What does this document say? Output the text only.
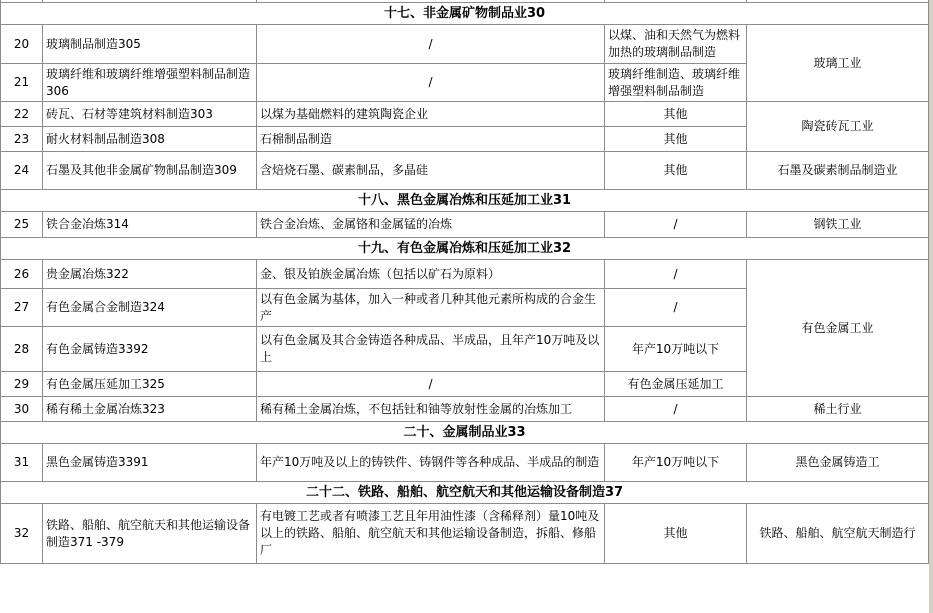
十七、非金属矿物制品业30				
20	玻璃制品制造305	/	以煤、油和天然气为燃料加热的玻璃制品制造	玻璃工业
21	玻璃纤维和玻璃纤维增强塑料制品制造306	/	玻璃纤维制造、玻璃纤维增强塑料制品制造	
22	砖瓦、石材等建筑材料制造303	以煤为基础燃料的建筑陶瓷企业	其他	陶瓷砖瓦工业
23	耐火材料制品制造308	石棉制品制造	其他	
24	石墨及其他非金属矿物制品制造309	含焙烧石墨、碳素制品，多晶硅	其他	石墨及碳素制品制造业
十八、黑色金属冶炼和压延加工业31				
25	铁合金冶炼314	铁合金冶炼、金属铬和金属锰的冶炼	/	钢铁工业
十九、有色金属冶炼和压延加工业32				
26	贵金属冶炼322	金、银及铂族金属冶炼（包括以矿石为原料）	/	有色金属工业
27	有色金属合金制造324	以有色金属为基体，加入一种或者几种其他元素所构成的合金生产	/	
28	有色金属铸造3392	以有色金属及其合金铸造各种成品、半成品，且年产10万吨及以上	年产10万吨以下	
29	有色金属压延加工325	/	有色金属压延加工	
30	稀有稀土金属冶炼323	稀有稀土金属冶炼，不包括钍和铀等放射性金属的冶炼加工	/	稀土行业
二十、金属制品业33				
31	黑色金属铸造3391	年产10万吨及以上的铸铁件、铸钢件等各种成品、半成品的制造	年产10万吨以下	黑色金属铸造工
二十二、铁路、船舶、航空航天和其他运输设备制造37				
32	铁路、船舶、航空航天和其他运输设备制造371 -379	有电镀工艺或者有喷漆工艺且年用油性漆（含稀释剂）量10吨及以上的铁路、船舶、航空航天和其他运输设备制造，拆船、修船厂	其他	铁路、船舶、航空航天制造行
